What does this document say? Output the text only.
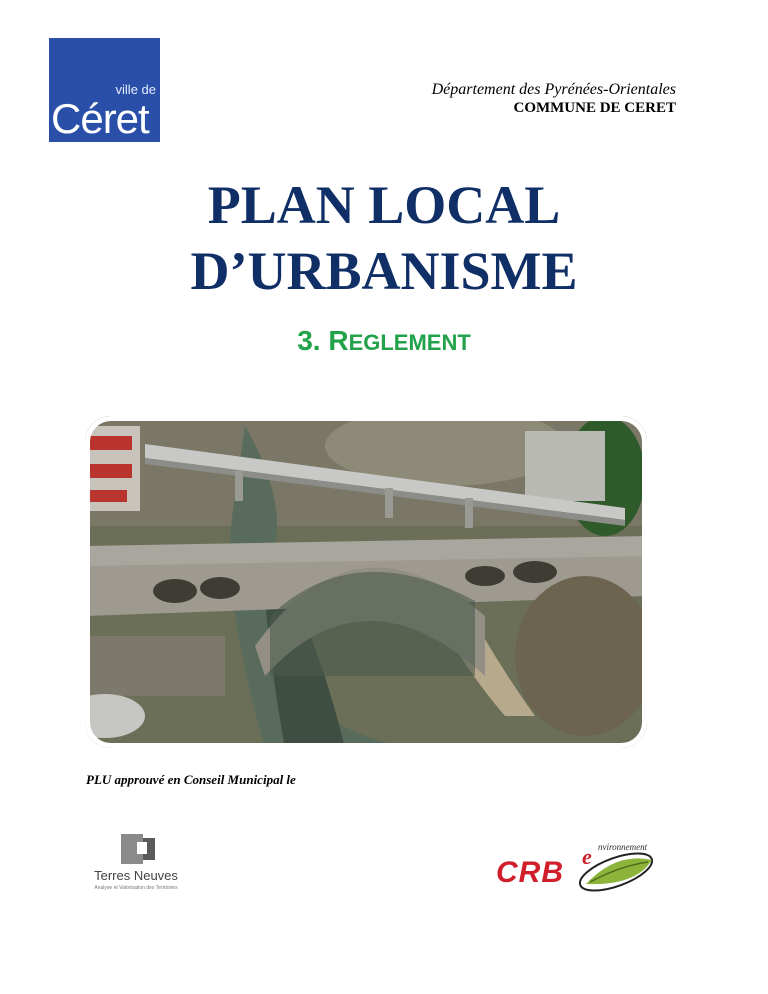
ville de
Céret
Département des Pyrénées-Orientales
COMMUNE DE CERET
PLAN LOCAL
D’URBANISME
3. REGLEMENT
PLU approuvé en Conseil Municipal le
Terres Neuves
Analyse et Valorisation des Territoires	CRB e nvironnement
